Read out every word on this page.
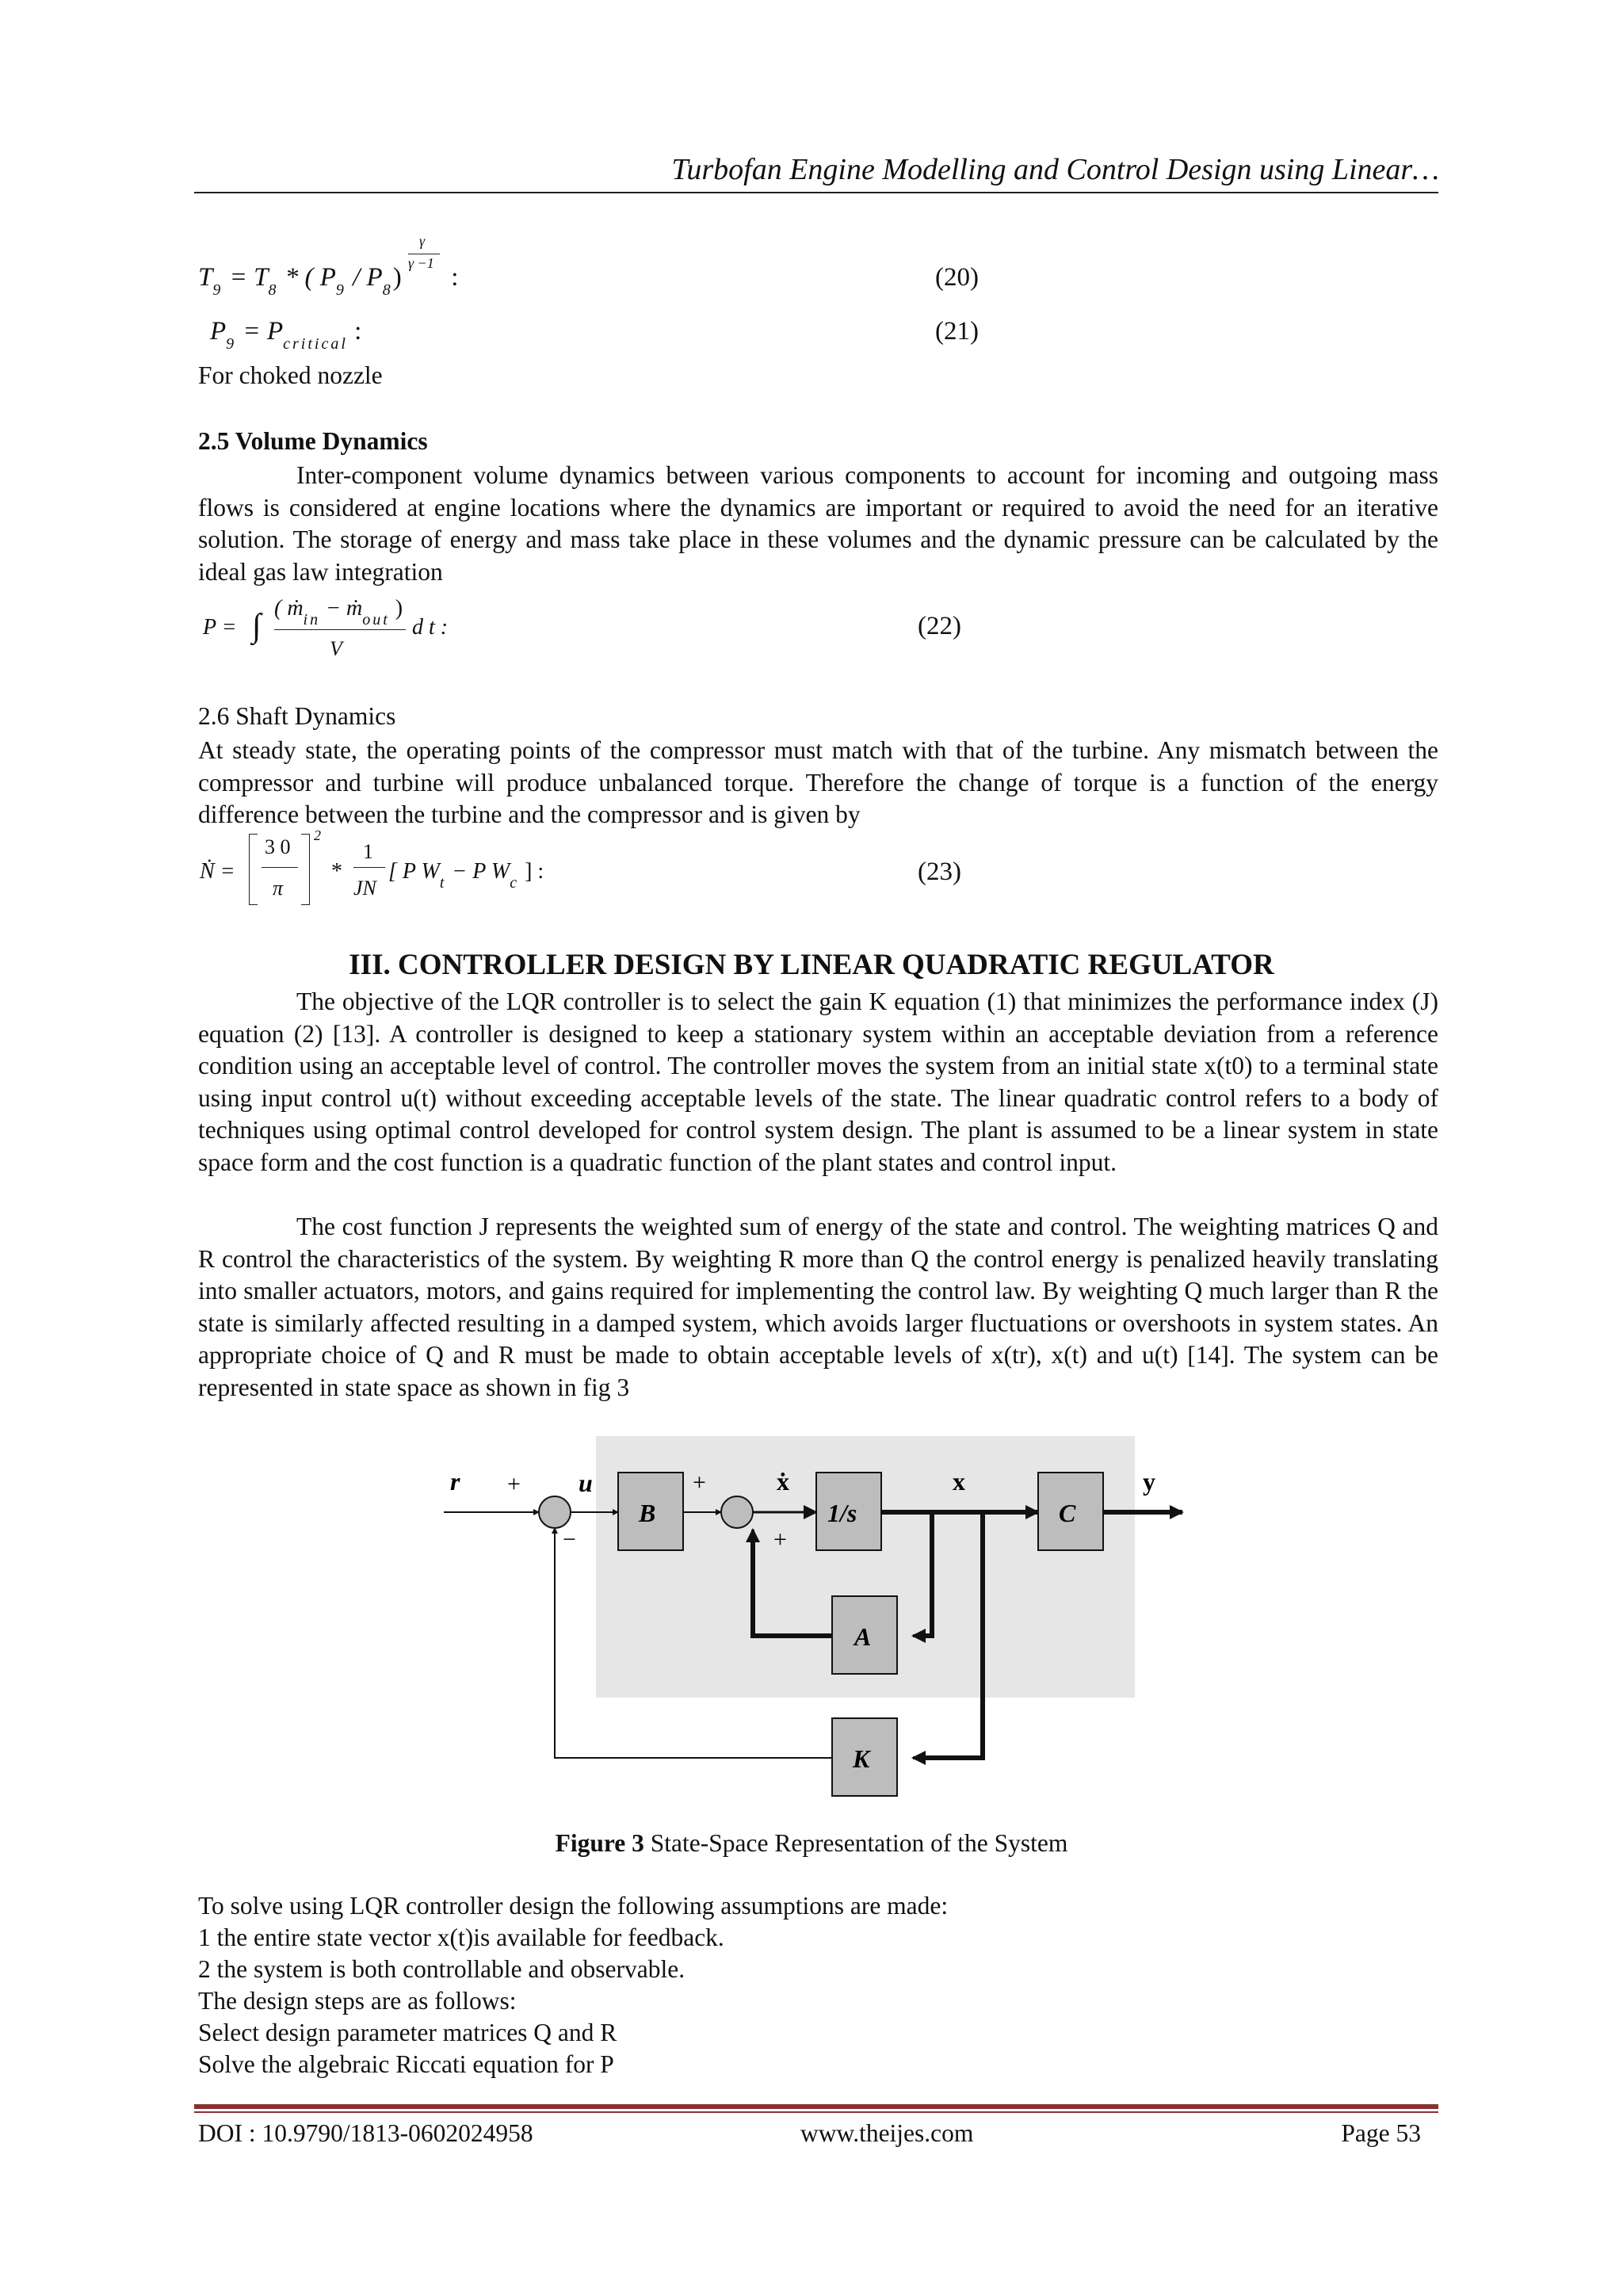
Turbofan Engine Modelling and Control Design using Linear…
$T_9 = T_8$ * ( $P_9 / P_8) \frac{\gamma}{\gamma -1}$ :	(20)
$P_9 = P_{critical}$ :	(21)
For choked nozzle
2.5 Volume Dynamics
Inter-component volume dynamics between various components to account for incoming and outgoing mass flows is considered at engine locations where the dynamics are important or required to avoid the need for an iterative solution. The storage of energy and mass take place in these volumes and the dynamic pressure can be calculated by the ideal gas law integration
P = ∫ ( ṁ$_{in}$ − ṁ$_{out}$ )
V
d t :	(22)
2.6 Shaft Dynamics
At steady state, the operating points of the compressor must match with that of the turbine. Any mismatch between the compressor and turbine will produce unbalanced torque. Therefore the change of torque is a function of the energy difference between the turbine and the compressor and is given by
Ṅ =
3 0
π
2
*
1
JN
[ P $W_t - P$ $W_c$ ] :	(23)
III. CONTROLLER DESIGN BY LINEAR QUADRATIC REGULATOR
The objective of the LQR controller is to select the gain K equation (1) that minimizes the performance index (J) equation (2) [13]. A controller is designed to keep a stationary system within an acceptable deviation from a reference condition using an acceptable level of control. The controller moves the system from an initial state x(t0) to a terminal state using input control u(t) without exceeding acceptable levels of the state. The linear quadratic control refers to a body of techniques using optimal control developed for control system design. The plant is assumed to be a linear system in state space form and the cost function is a quadratic function of the plant states and control input.
The cost function J represents the weighted sum of energy of the state and control. The weighting matrices Q and R control the characteristics of the system. By weighting R more than Q the control energy is penalized heavily translating into smaller actuators, motors, and gains required for implementing the control law. By weighting Q much larger than R the state is similarly affected resulting in a damped system, which avoids larger fluctuations or overshoots in system states. An appropriate choice of Q and R must be made to obtain acceptable levels of x(tr), x(t) and u(t) [14]. The system can be represented in state space as shown in fig 3
r +
−
u
B
+
+
ẋ
1/s
x
C
y
A
K
Figure 3 State-Space Representation of the System
To solve using LQR controller design the following assumptions are made:
1 the entire state vector x(t)is available for feedback.
2 the system is both controllable and observable.
The design steps are as follows:
Select design parameter matrices Q and R
Solve the algebraic Riccati equation for P
DOI : 10.9790/1813-0602024958	www.theijes.com	Page 53
